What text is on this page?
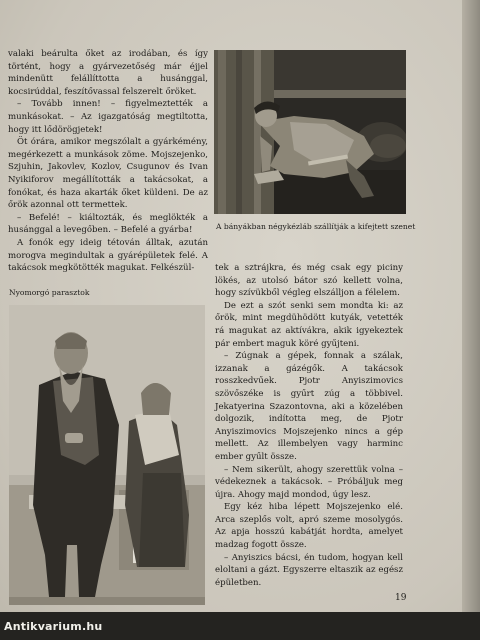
valaki beárulta őket az irodában, és így történt, hogy a gyárvezetőség már éjjel mindenütt felállíttotta a husánggal, kocsirúddal, feszítővassal felszerelt őröket.

– Tovább innen! – figyelmeztették a munkásokat. – Az igazgatóság megtiltotta, hogy itt lődörögjetek!

Öt órára, amikor megszólalt a gyárkémény, megérkezett a munkások zöme. Mojszejenko, Szjuhin, Jakovlev, Kozlov, Csugunov és Ivan Nyikiforov megállították a takácsokat, a fonókat, és haza akarták őket küldeni. De az őrök azonnal ott termettek.

– Befelé! – kiáltozták, és meglökték a husánggal a levegőben. – Befelé a gyárba!

A fonók egy ideig tétován álltak, azután morogva megindultak a gyárépületek felé. A takácsok megkötötték magukat. Felkészül-

A bányákban négykézláb szállítják a kifejtett szenet
Nyomorgó parasztok

tek a sztrájkra, és még csak egy piciny lökés, az utolsó bátor szó kellett volna, hogy szívükből végleg elszálljon a félelem.

De ezt a szót senki sem mondta ki: az őrök, mint megdühödött kutyák, vetették rá magukat az aktívákra, akik igyekeztek pár embert maguk köré gyűjteni.

– Zúgnak a gépek, fonnak a szálak, izzanak a gázégők. A takácsok rosszkedvűek. Pjotr Anyiszimovics szövőszéke is gyűrt zúg a többivel. Jekatyerina Szazontovna, aki a közelében dolgozik, indította meg, de Pjotr Anyiszimovics Mojszejenko nincs a gép mellett. Az illembelyen vagy harminc ember gyűlt össze.

– Nem sikerült, ahogy szerettük volna – védekeznek a takácsok. – Próbáljuk meg újra. Ahogy majd mondod, úgy lesz.

Egy kéz hiba lépett Mojszejenko elé. Arca szeplős volt, apró szeme mosolygós. Az apja hosszú kabátját hordta, amelyet madzag fogott össze.

– Anyiszics bácsi, én tudom, hogyan kell eloltani a gázt. Egyszerre eltaszik az egész épületben.

19
Antikvarium.hu
